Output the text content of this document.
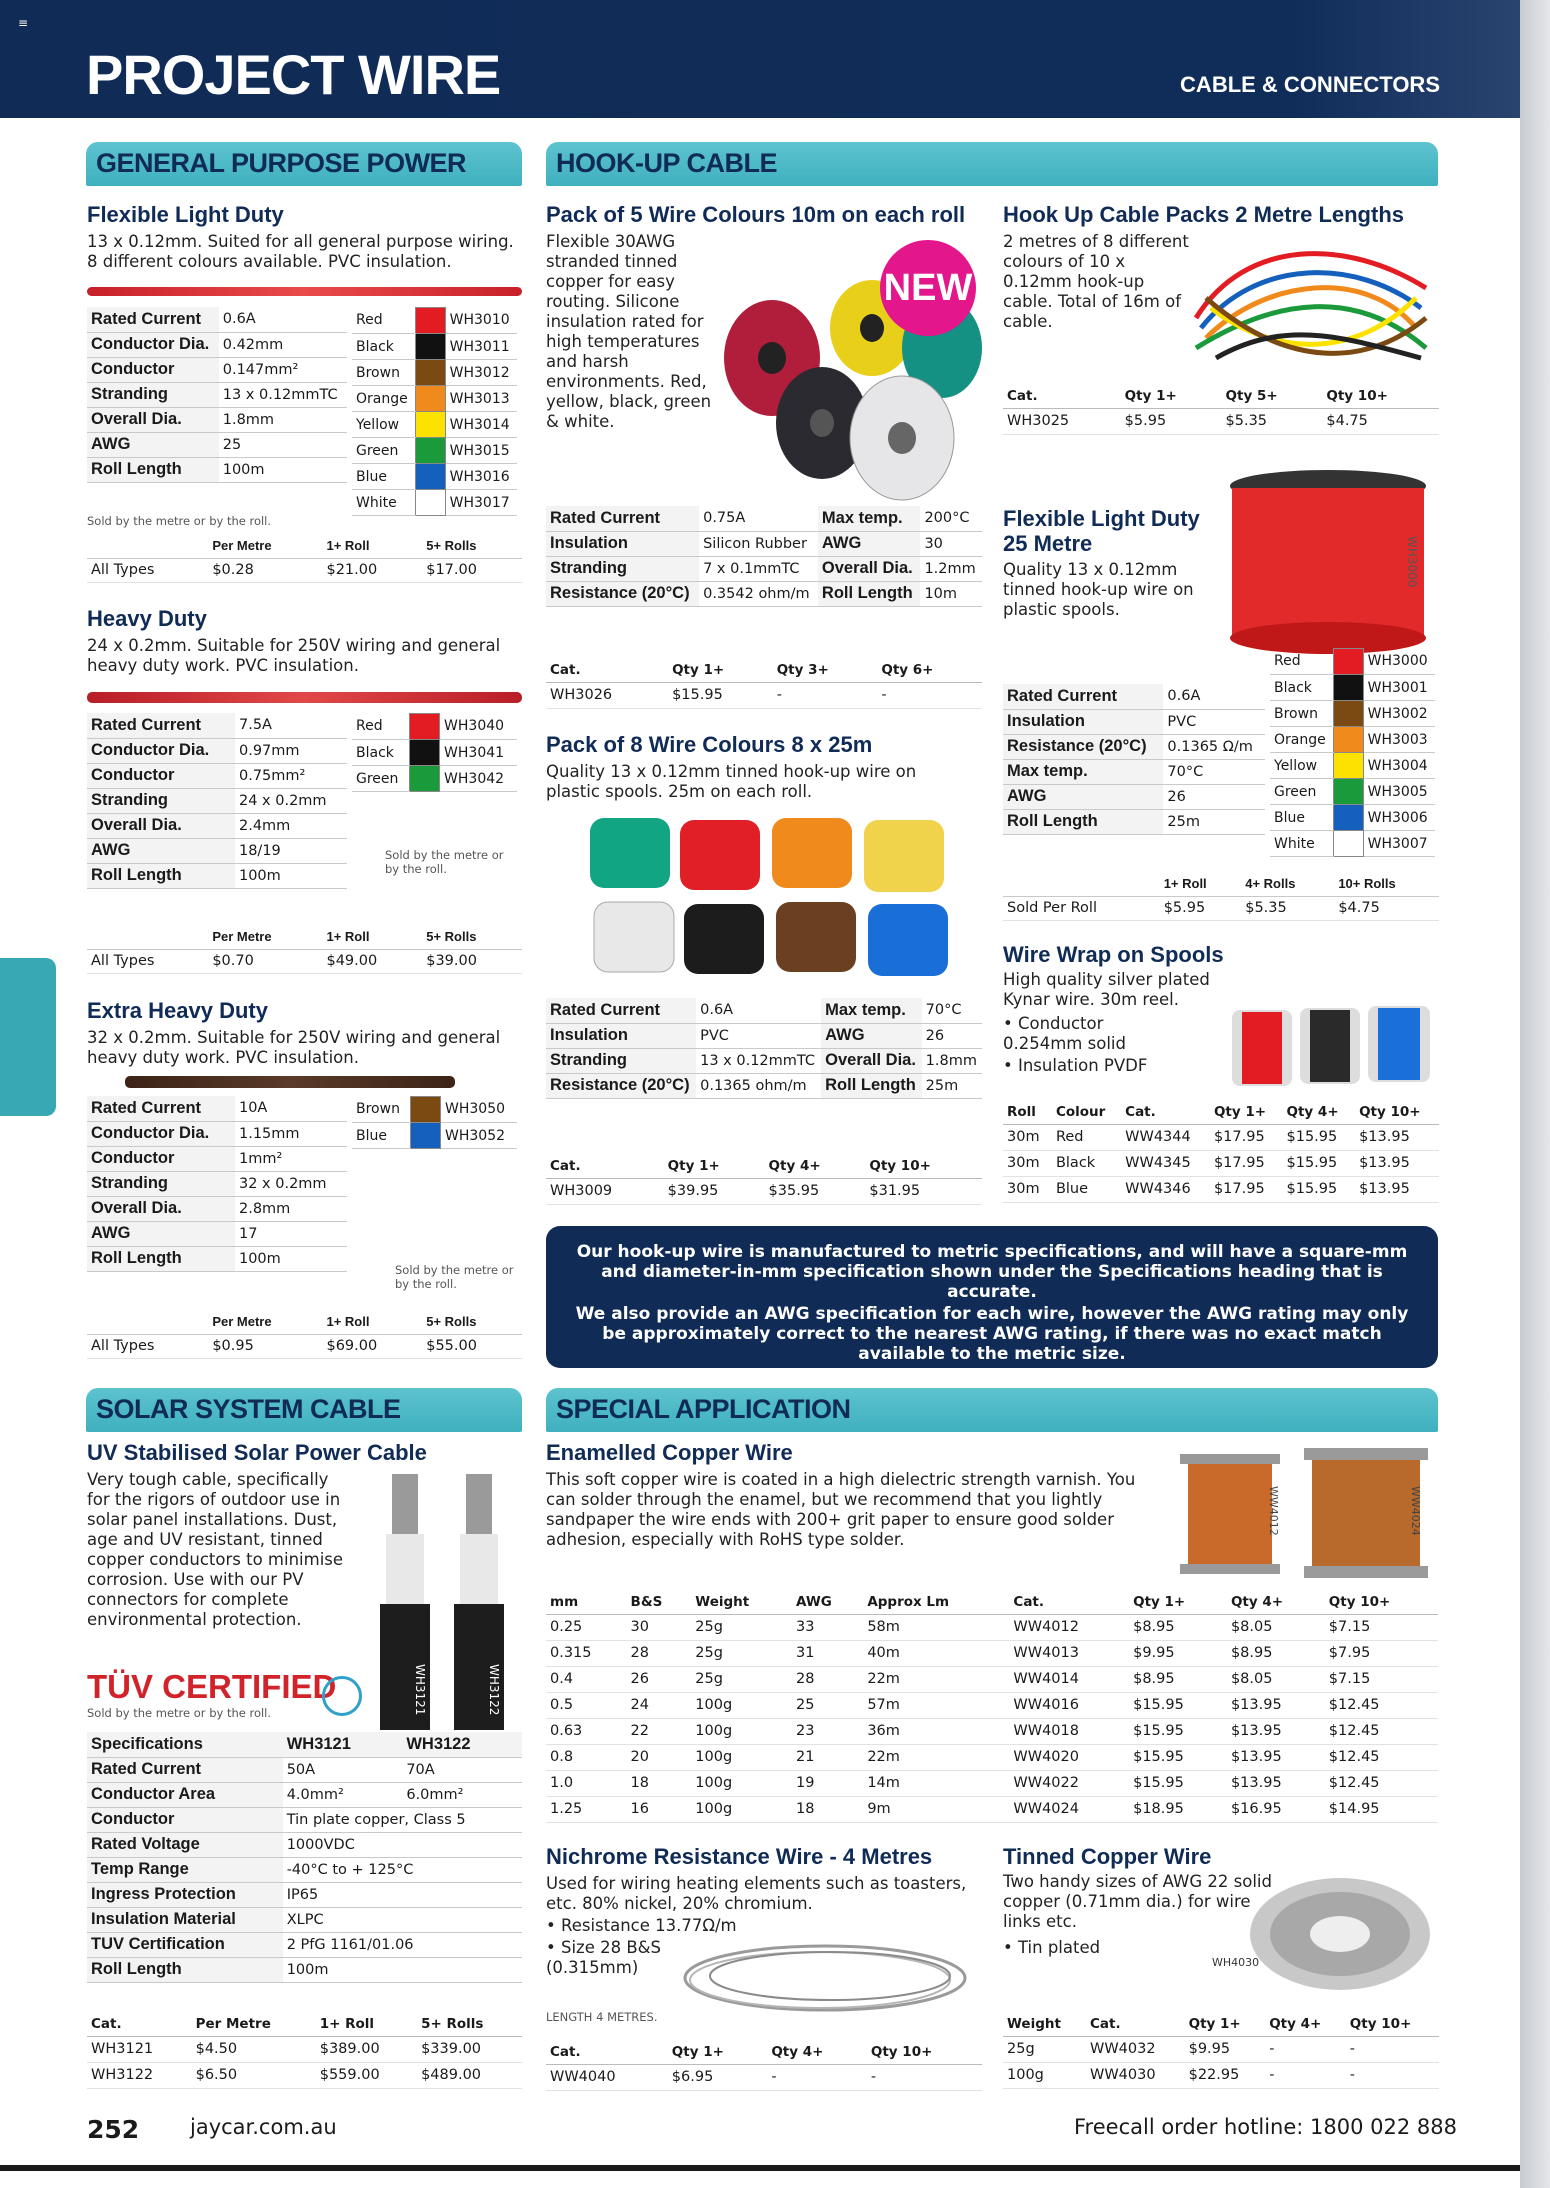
≡
PROJECT WIRE	CABLE & CONNECTORS
GENERAL PURPOSE POWER	HOOK-UP CABLE
SOLAR SYSTEM CABLE	SPECIAL APPLICATION
Flexible Light Duty
13 x 0.12mm. Suited for all general purpose wiring. 8 different colours available. PVC insulation.
Rated Current	0.6A
Conductor Dia.	0.42mm
Conductor	0.147mm²
Stranding	13 x 0.12mmTC
Overall Dia.	1.8mm
AWG	25
Roll Length	100m
Red		WH3010
Black		WH3011
Brown		WH3012
Orange		WH3013
Yellow		WH3014
Green		WH3015
Blue		WH3016
White		WH3017
Sold by the metre or by the roll.
	Per Metre	1+ Roll	5+ Rolls
All Types	$0.28	$21.00	$17.00
Heavy Duty
24 x 0.2mm. Suitable for 250V wiring and general heavy duty work. PVC insulation.
Rated Current	7.5A
Conductor Dia.	0.97mm
Conductor	0.75mm²
Stranding	24 x 0.2mm
Overall Dia.	2.4mm
AWG	18/19
Roll Length	100m
Red		WH3040
Black		WH3041
Green		WH3042
Sold by the metre or by the roll.
	Per Metre	1+ Roll	5+ Rolls
All Types	$0.70	$49.00	$39.00
Extra Heavy Duty
32 x 0.2mm. Suitable for 250V wiring and general heavy duty work. PVC insulation.
Rated Current	10A
Conductor Dia.	1.15mm
Conductor	1mm²
Stranding	32 x 0.2mm
Overall Dia.	2.8mm
AWG	17
Roll Length	100m
Brown		WH3050
Blue		WH3052
Sold by the metre or by the roll.
	Per Metre	1+ Roll	5+ Rolls
All Types	$0.95	$69.00	$55.00
Pack of 5 Wire Colours 10m on each roll
Flexible 30AWG stranded tinned copper for easy routing. Silicone insulation rated for high temperatures and harsh environments. Red, yellow, black, green & white.
NEW
Rated Current	0.75A	Max temp.	200°C
Insulation	Silicon Rubber	AWG	30
Stranding	7 x 0.1mmTC	Overall Dia.	1.2mm
Resistance (20°C)	0.3542 ohm/m	Roll Length	10m
Cat.	Qty 1+	Qty 3+	Qty 6+
WH3026	$15.95	-	-
Pack of 8 Wire Colours 8 x 25m
Quality 13 x 0.12mm tinned hook-up wire on plastic spools. 25m on each roll.
Rated Current	0.6A	Max temp.	70°C
Insulation	PVC	AWG	26
Stranding	13 x 0.12mmTC	Overall Dia.	1.8mm
Resistance (20°C)	0.1365 ohm/m	Roll Length	25m
Cat.	Qty 1+	Qty 4+	Qty 10+
WH3009	$39.95	$35.95	$31.95
Hook Up Cable Packs 2 Metre Lengths
2 metres of 8 different colours of 10 x 0.12mm hook-up cable. Total of 16m of cable.
Cat.	Qty 1+	Qty 5+	Qty 10+
WH3025	$5.95	$5.35	$4.75
Flexible Light Duty
25 Metre
Quality 13 x 0.12mm tinned hook-up wire on plastic spools.
WH3000
Red		WH3000
Black		WH3001
Brown		WH3002
Orange		WH3003
Yellow		WH3004
Green		WH3005
Blue		WH3006
White		WH3007
Rated Current	0.6A
Insulation	PVC
Resistance (20°C)	0.1365 Ω/m
Max temp.	70°C
AWG	26
Roll Length	25m
	1+ Roll	4+ Rolls	10+ Rolls
Sold Per Roll	$5.95	$5.35	$4.75
Wire Wrap on Spools
High quality silver plated Kynar wire. 30m reel.
• Conductor 0.254mm solid
• Insulation PVDF
Roll	Colour	Cat.	Qty 1+	Qty 4+	Qty 10+
30m	Red	WW4344	$17.95	$15.95	$13.95
30m	Black	WW4345	$17.95	$15.95	$13.95
30m	Blue	WW4346	$17.95	$15.95	$13.95
Our hook-up wire is manufactured to metric specifications, and will have a square-mm and diameter-in-mm specification shown under the Specifications heading that is accurate.
We also provide an AWG specification for each wire, however the AWG rating may only be approximately correct to the nearest AWG rating, if there was no exact match available to the metric size.
UV Stabilised Solar Power Cable
Very tough cable, specifically for the rigors of outdoor use in solar panel installations. Dust, age and UV resistant, tinned copper conductors to minimise corrosion. Use with our PV connectors for complete environmental protection.
WH3121	WH3122
TÜV CERTIFIED
Sold by the metre or by the roll.
Specifications	WH3121	WH3122
Rated Current	50A	70A
Conductor Area	4.0mm²	6.0mm²
Conductor	Tin plate copper, Class 5	
Rated Voltage	1000VDC	
Temp Range	-40°C to + 125°C	
Ingress Protection	IP65	
Insulation Material	XLPC	
TUV Certification	2 PfG 1161/01.06	
Roll Length	100m	
Cat.	Per Metre	1+ Roll	5+ Rolls
WH3121	$4.50	$389.00	$339.00
WH3122	$6.50	$559.00	$489.00
Enamelled Copper Wire
This soft copper wire is coated in a high dielectric strength varnish. You can solder through the enamel, but we recommend that you lightly sandpaper the wire ends with 200+ grit paper to ensure good solder adhesion, especially with RoHS type solder.
WW4012	WW4024
mm	B&S	Weight	AWG	Approx Lm	Cat.	Qty 1+	Qty 4+	Qty 10+
0.25	30	25g	33	58m	WW4012	$8.95	$8.05	$7.15
0.315	28	25g	31	40m	WW4013	$9.95	$8.95	$7.95
0.4	26	25g	28	22m	WW4014	$8.95	$8.05	$7.15
0.5	24	100g	25	57m	WW4016	$15.95	$13.95	$12.45
0.63	22	100g	23	36m	WW4018	$15.95	$13.95	$12.45
0.8	20	100g	21	22m	WW4020	$15.95	$13.95	$12.45
1.0	18	100g	19	14m	WW4022	$15.95	$13.95	$12.45
1.25	16	100g	18	9m	WW4024	$18.95	$16.95	$14.95
Nichrome Resistance Wire - 4 Metres
Used for wiring heating elements such as toasters, etc. 80% nickel, 20% chromium.
• Resistance 13.77Ω/m
• Size 28 B&S (0.315mm)
LENGTH 4 METRES.
Cat.	Qty 1+	Qty 4+	Qty 10+
WW4040	$6.95	-	-
Tinned Copper Wire
Two handy sizes of AWG 22 solid copper (0.71mm dia.) for wire links etc.
• Tin plated
WH4030
Weight	Cat.	Qty 1+	Qty 4+	Qty 10+
25g	WW4032	$9.95	-	-
100g	WW4030	$22.95	-	-
252 jaycar.com.au	Freecall order hotline: 1800 022 888
